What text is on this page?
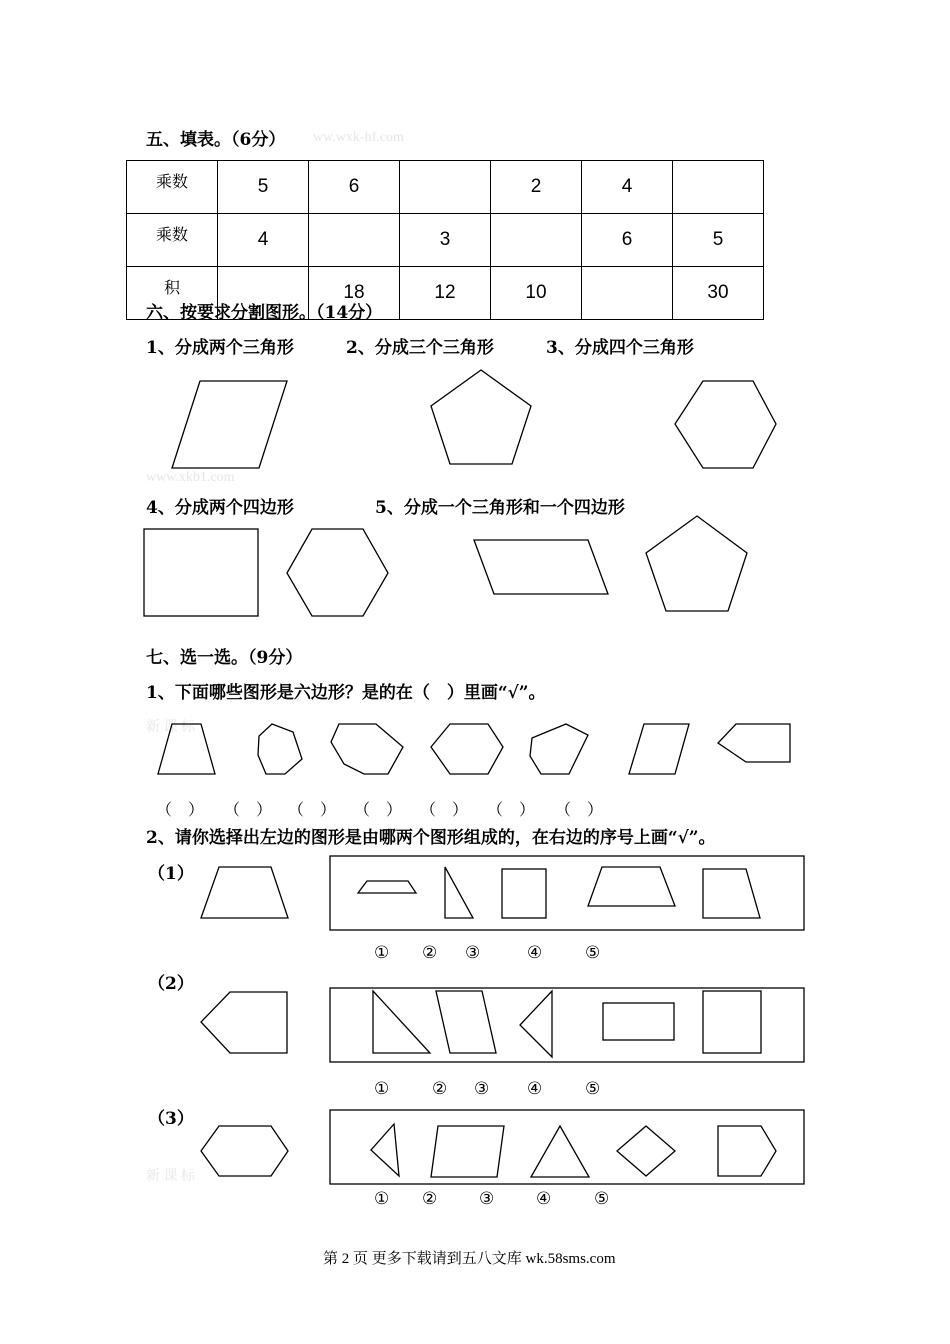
五、填表。（6分） ww.wxk-hf.com
乘数	5	6		2	4	
乘数	4		3		6	5
积		18	12	10		30
六、按要求分割图形。（14分）
1、分成两个三角形	2、分成三个三角形	3、分成四个三角形
www.xkb1.com
4、分成两个四边形	5、分成一个三角形和一个四边形
七、选一选。（9分）
1、下面哪些图形是六边形？是的在（　）里画“√”。
新 课 标
（　） （　） （　） （　） （　） （　） （　）
2、请你选择出左边的图形是由哪两个图形组成的，在右边的序号上画“√”。
（1）
（2）
（3）
新 课 标
① ② ③	④	⑤
①	② ③ ④	⑤
① ② ③ ④	⑤
第 2 页 更多下载请到五八文库 wk.58sms.com
